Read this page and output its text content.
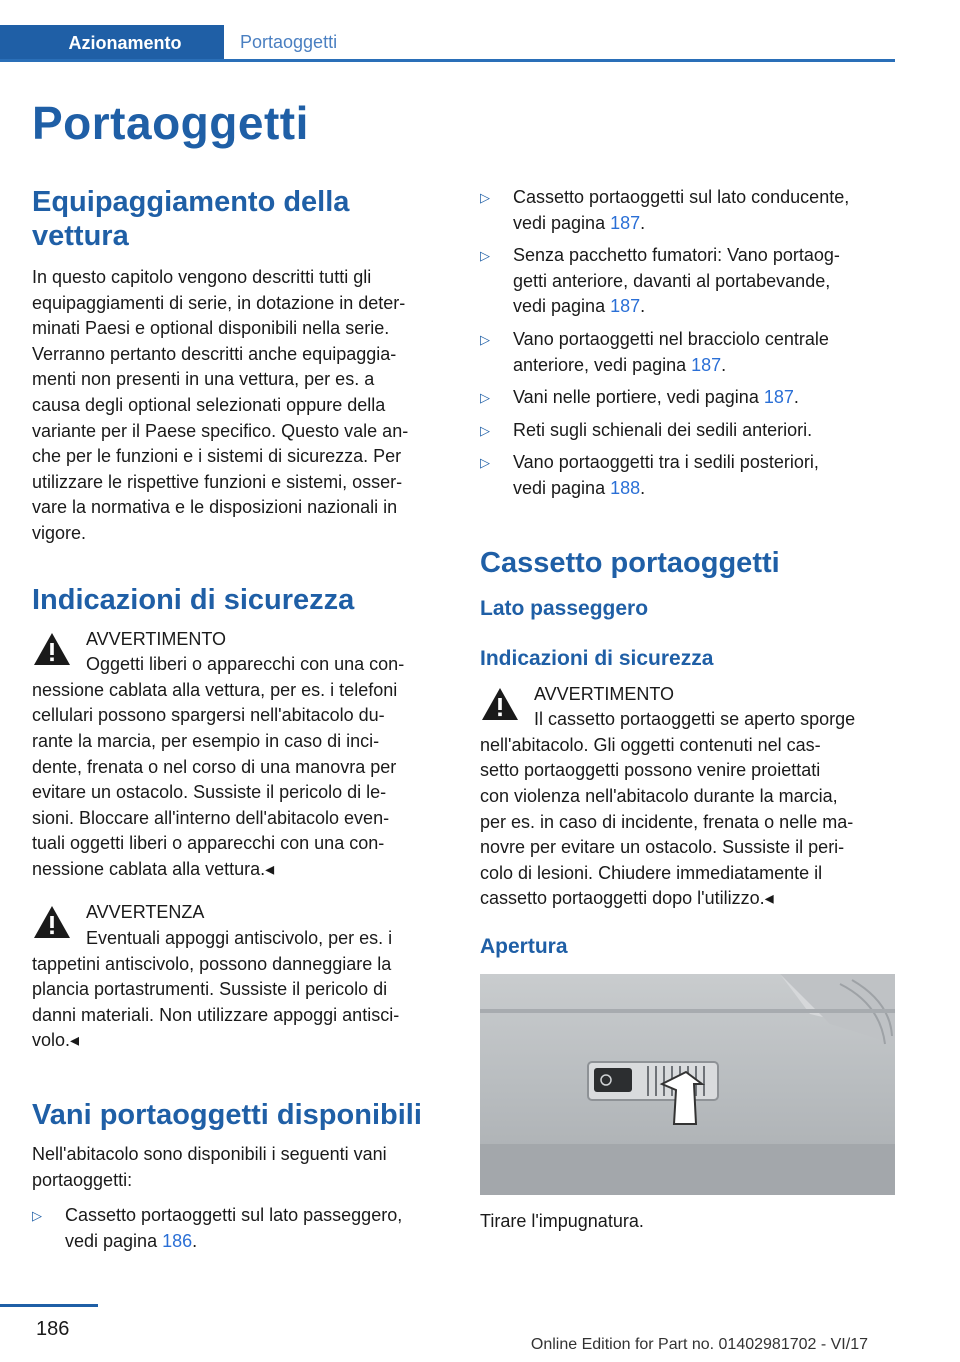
Azionamento	Portaoggetti
Portaoggetti
Equipaggiamento della vettura

In questo capitolo vengono descritti tutti gli

equipaggiamenti di serie, in dotazione in deter‐

minati Paesi e optional disponibili nella serie.

Verranno pertanto descritti anche equipaggia‐

menti non presenti in una vettura, per es. a

causa degli optional selezionati oppure della

variante per il Paese specifico. Questo vale an‐

che per le funzioni e i sistemi di sicurezza. Per

utilizzare le rispettive funzioni e sistemi, osser‐

vare la normativa e le disposizioni nazionali in

vigore.

Indicazioni di sicurezza
AVVERTIMENTO
Oggetti liberi o apparecchi con una con‐

nessione cablata alla vettura, per es. i telefoni

cellulari possono spargersi nell'abitacolo du‐

rante la marcia, per esempio in caso di inci‐

dente, frenata o nel corso di una manovra per

evitare un ostacolo. Sussiste il pericolo di le‐

sioni. Bloccare all'interno dell'abitacolo even‐

tuali oggetti liberi o apparecchi con una con‐

nessione cablata alla vettura.◂

AVVERTENZA
Eventuali appoggi antiscivolo, per es. i

tappetini antiscivolo, possono danneggiare la

plancia portastrumenti. Sussiste il pericolo di

danni materiali. Non utilizzare appoggi antisci‐

volo.◂

Vani portaoggetti disponibili

Nell'abitacolo sono disponibili i seguenti vani

portaoggetti:

▷ Cassetto portaoggetti sul lato passeggero,
vedi pagina 186.
▷ Cassetto portaoggetti sul lato conducente,
vedi pagina 187.
▷ Senza pacchetto fumatori: Vano portaog‐
getti anteriore, davanti al portabevande,
vedi pagina 187.
▷ Vano portaoggetti nel bracciolo centrale
anteriore, vedi pagina 187.
▷ Vani nelle portiere, vedi pagina 187.
▷ Reti sugli schienali dei sedili anteriori.
▷ Vano portaoggetti tra i sedili posteriori,
vedi pagina 188.
Cassetto portaoggetti
Lato passeggero
Indicazioni di sicurezza
AVVERTIMENTO
Il cassetto portaoggetti se aperto sporge

nell'abitacolo. Gli oggetti contenuti nel cas‐

setto portaoggetti possono venire proiettati

con violenza nell'abitacolo durante la marcia,

per es. in caso di incidente, frenata o nelle ma‐

novre per evitare un ostacolo. Sussiste il peri‐

colo di lesioni. Chiudere immediatamente il

cassetto portaoggetti dopo l'utilizzo.◂

Apertura

Tirare l'impugnatura.

186
Online Edition for Part no. 01402981702 - VI/17
